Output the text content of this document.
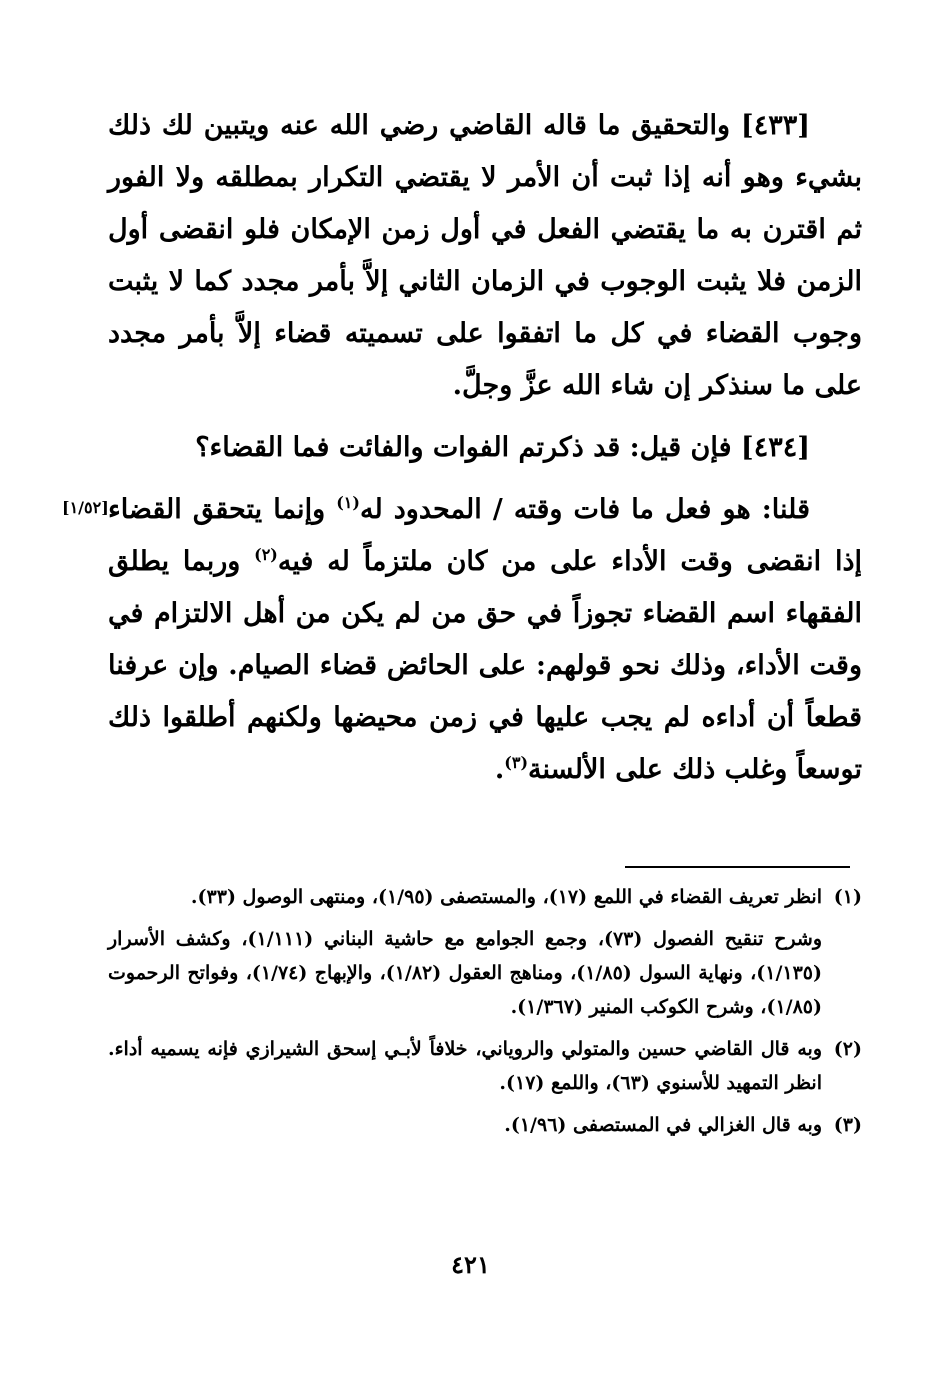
[٤٣٣] والتحقيق ما قاله القاضي رضي الله عنه ويتبين لك ذلك بشيء وهو أنه إذا ثبت أن الأمر لا يقتضي التكرار بمطلقه ولا الفور ثم اقترن به ما يقتضي الفعل في أول زمن الإمكان فلو انقضى أول الزمن فلا يثبت الوجوب في الزمان الثاني إلاَّ بأمر مجدد كما لا يثبت وجوب القضاء في كل ما اتفقوا على تسميته قضاء إلاَّ بأمر مجدد على ما سنذكر إن شاء الله عزَّ وجلَّ.

[٤٣٤] فإن قيل: قد ذكرتم الفوات والفائت فما القضاء؟

قلنا: هو فعل ما فات وقته / المحدود له$^{(١)}$ وإنما يتحقق القضاء إذا انقضى وقت الأداء على من كان ملتزماً له فيه$^{(٢)}$ وربما يطلق الفقهاء اسم القضاء تجوزاً في حق من لم يكن من أهل الالتزام في وقت الأداء، وذلك نحو قولهم: على الحائض قضاء الصيام. وإن عرفنا قطعاً أن أداءه لم يجب عليها في زمن محيضها ولكنهم أطلقوا ذلك توسعاً وغلب ذلك على الألسنة$^{(٣)}$.

[١/٥٢]
(١)

انظر تعريف القضاء في اللمع (١٧)، والمستصفى (١/٩٥)، ومنتهى الوصول (٣٣).

وشرح تنقيح الفصول (٧٣)، وجمع الجوامع مع حاشية البناني (١/١١١)، وكشف الأسرار (١/١٣٥)، ونهاية السول (١/٨٥)، ومناهج العقول (١/٨٢)، والإبهاج (١/٧٤)، وفواتح الرحموت (١/٨٥)، وشرح الكوكب المنير (١/٣٦٧).

(٢)

وبه قال القاضي حسين والمتولي والروياني، خلافاً لأبـي إسحق الشيرازي فإنه يسميه أداء. انظر التمهيد للأسنوي (٦٣)، واللمع (١٧).

(٣)

وبه قال الغزالي في المستصفى (١/٩٦).

٤٢١
